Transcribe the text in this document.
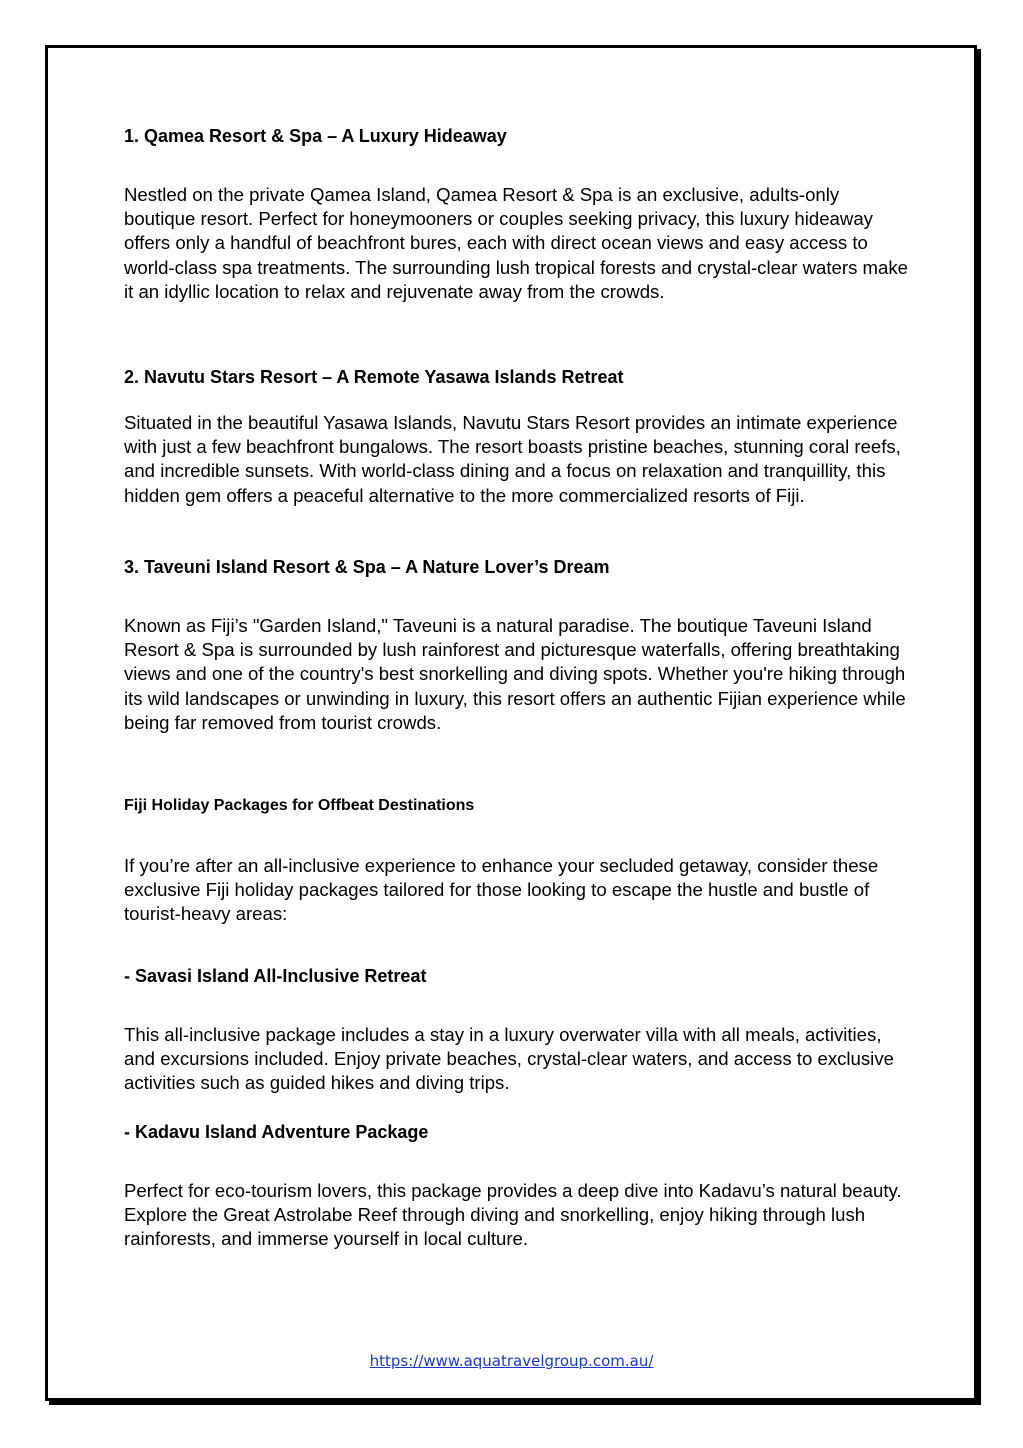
1. Qamea Resort & Spa – A Luxury Hideaway
Nestled on the private Qamea Island, Qamea Resort & Spa is an exclusive, adults-only boutique resort. Perfect for honeymooners or couples seeking privacy, this luxury hideaway offers only a handful of beachfront bures, each with direct ocean views and easy access to world-class spa treatments. The surrounding lush tropical forests and crystal-clear waters make it an idyllic location to relax and rejuvenate away from the crowds.
2. Navutu Stars Resort – A Remote Yasawa Islands Retreat
Situated in the beautiful Yasawa Islands, Navutu Stars Resort provides an intimate experience with just a few beachfront bungalows. The resort boasts pristine beaches, stunning coral reefs, and incredible sunsets. With world-class dining and a focus on relaxation and tranquillity, this hidden gem offers a peaceful alternative to the more commercialized resorts of Fiji.
3. Taveuni Island Resort & Spa – A Nature Lover’s Dream
Known as Fiji’s "Garden Island," Taveuni is a natural paradise. The boutique Taveuni Island Resort & Spa is surrounded by lush rainforest and picturesque waterfalls, offering breathtaking views and one of the country's best snorkelling and diving spots. Whether you're hiking through its wild landscapes or unwinding in luxury, this resort offers an authentic Fijian experience while being far removed from tourist crowds.
Fiji Holiday Packages for Offbeat Destinations
If you’re after an all-inclusive experience to enhance your secluded getaway, consider these exclusive Fiji holiday packages tailored for those looking to escape the hustle and bustle of tourist-heavy areas:
- Savasi Island All-Inclusive Retreat
This all-inclusive package includes a stay in a luxury overwater villa with all meals, activities, and excursions included. Enjoy private beaches, crystal-clear waters, and access to exclusive activities such as guided hikes and diving trips.
- Kadavu Island Adventure Package
Perfect for eco-tourism lovers, this package provides a deep dive into Kadavu’s natural beauty. Explore the Great Astrolabe Reef through diving and snorkelling, enjoy hiking through lush rainforests, and immerse yourself in local culture.
https://www.aquatravelgroup.com.au/
